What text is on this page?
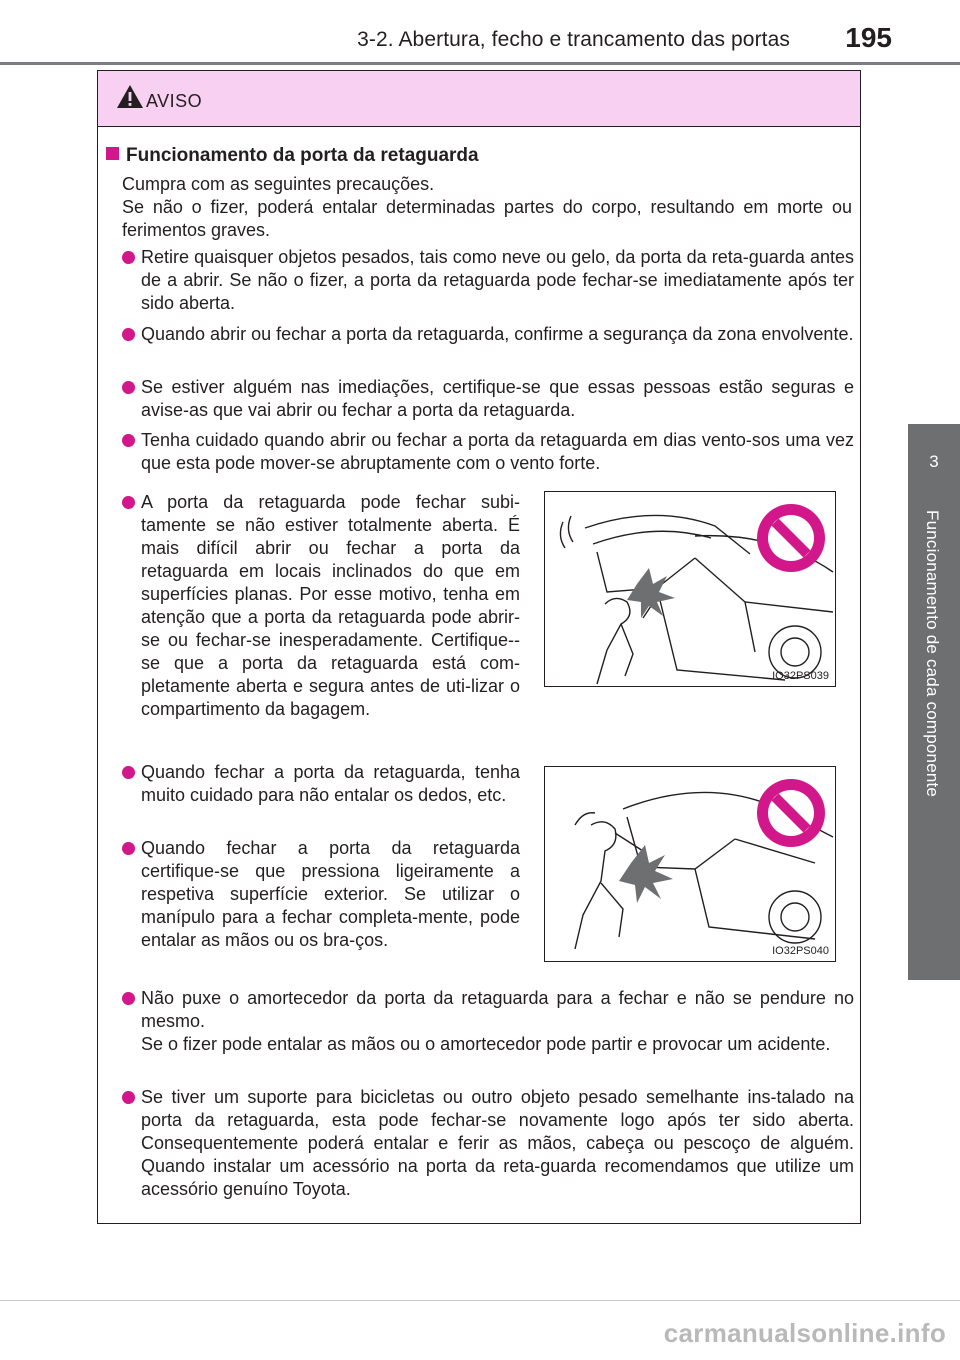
3-2. Abertura, fecho e trancamento das portas 195
3
Funcionamento de cada componente
AVISO
Funcionamento da porta da retaguarda

Cumpra com as seguintes precauções.

Se não o fizer, poderá entalar determinadas partes do corpo, resultando em morte ou ferimentos graves.

Retire quaisquer objetos pesados, tais como neve ou gelo, da porta da reta-guarda antes de a abrir. Se não o fizer, a porta da retaguarda pode fechar-se imediatamente após ter sido aberta.
Quando abrir ou fechar a porta da retaguarda, confirme a segurança da zona envolvente.
Se estiver alguém nas imediações, certifique-se que essas pessoas estão seguras e avise-as que vai abrir ou fechar a porta da retaguarda.
Tenha cuidado quando abrir ou fechar a porta da retaguarda em dias vento-sos uma vez que esta pode mover-se abruptamente com o vento forte.
A porta da retaguarda pode fechar subi-tamente se não estiver totalmente aberta. É mais difícil abrir ou fechar a porta da retaguarda em locais inclinados do que em superfícies planas. Por esse motivo, tenha em atenção que a porta da retaguarda pode abrir-se ou fechar-se inesperadamente. Certifique--se que a porta da retaguarda está com-pletamente aberta e segura antes de uti-lizar o compartimento da bagagem.
IO32PS039
Quando fechar a porta da retaguarda, tenha muito cuidado para não entalar os dedos, etc.
Quando fechar a porta da retaguarda certifique-se que pressiona ligeiramente a respetiva superfície exterior. Se utilizar o manípulo para a fechar completa-mente, pode entalar as mãos ou os bra-ços.
IO32PS040
Não puxe o amortecedor da porta da retaguarda para a fechar e não se pendure no mesmo.
Se o fizer pode entalar as mãos ou o amortecedor pode partir e provocar um acidente.
Se tiver um suporte para bicicletas ou outro objeto pesado semelhante ins-talado na porta da retaguarda, esta pode fechar-se novamente logo após ter sido aberta. Consequentemente poderá entalar e ferir as mãos, cabeça ou pescoço de alguém. Quando instalar um acessório na porta da reta-guarda recomendamos que utilize um acessório genuíno Toyota.
carmanualsonline.info
